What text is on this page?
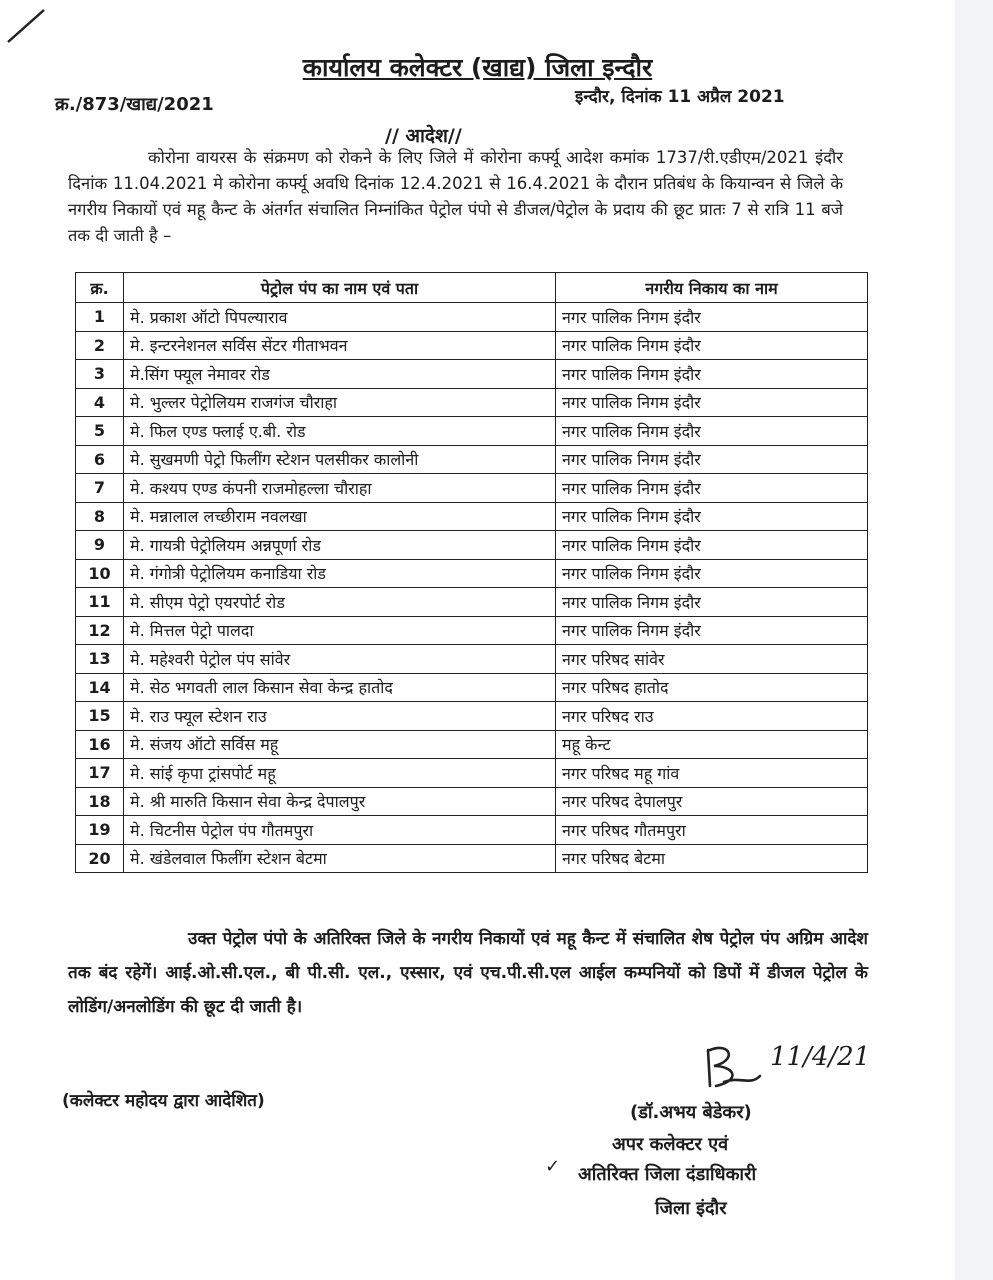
कार्यालय कलेक्टर (खाद्य) जिला इन्दौर
क्र./873/खाद्य/2021	इन्दौर, दिनांक 11 अप्रैल 2021
// आदेश//
कोरोना वायरस के संक्रमण को रोकने के लिए जिले में कोरोना कर्फ्यू आदेश कमांक 1737/री.एडीएम/2021 इंदौर दिनांक 11.04.2021 मे कोरोना कर्फ्यू अवधि दिनांक 12.4.2021 से 16.4.2021 के दौरान प्रतिबंध के कियान्वन से जिले के नगरीय निकायों एवं महू कैन्ट के अंतर्गत संचालित निम्नांकित पेट्रोल पंपो से डीजल/पेट्रोल के प्रदाय की छूट प्रातः 7 से रात्रि 11 बजे तक दी जाती है –
क्र.	पेट्रोल पंप का नाम एवं पता	नगरीय निकाय का नाम
1	मे. प्रकाश ऑटो पिपल्याराव	नगर पालिक निगम इंदौर
2	मे. इन्टरनेशनल सर्विस सेंटर गीताभवन	नगर पालिक निगम इंदौर
3	मे.सिंग फ्यूल नेमावर रोड	नगर पालिक निगम इंदौर
4	मे. भुल्लर पेट्रोलियम राजगंज चौराहा	नगर पालिक निगम इंदौर
5	मे. फिल एण्ड फ्लाई ए.बी. रोड	नगर पालिक निगम इंदौर
6	मे. सुखमणी पेट्रो फिलींग स्टेशन पलसीकर कालोनी	नगर पालिक निगम इंदौर
7	मे. कश्यप एण्ड कंपनी राजमोहल्ला चौराहा	नगर पालिक निगम इंदौर
8	मे. मन्नालाल लच्छीराम नवलखा	नगर पालिक निगम इंदौर
9	मे. गायत्री पेट्रोलियम अन्नपूर्णा रोड	नगर पालिक निगम इंदौर
10	मे. गंगोत्री पेट्रोलियम कनाडिया रोड	नगर पालिक निगम इंदौर
11	मे. सीएम पेट्रो एयरपोर्ट रोड	नगर पालिक निगम इंदौर
12	मे. मित्तल पेट्रो पालदा	नगर पालिक निगम इंदौर
13	मे. महेश्वरी पेट्रोल पंप सांवेर	नगर परिषद सांवेर
14	मे. सेठ भगवती लाल किसान सेवा केन्द्र हातोद	नगर परिषद हातोद
15	मे. राउ फ्यूल स्टेशन राउ	नगर परिषद राउ
16	मे. संजय ऑटो सर्विस महू	महू केन्ट
17	मे. सांई कृपा ट्रांसपोर्ट महू	नगर परिषद महू गांव
18	मे. श्री मारुति किसान सेवा केन्द्र देपालपुर	नगर परिषद देपालपुर
19	मे. चिटनीस पेट्रोल पंप गौतमपुरा	नगर परिषद गौतमपुरा
20	मे. खंडेलवाल फिलींग स्टेशन बेटमा	नगर परिषद बेटमा
उक्त पेट्रोल पंपो के अतिरिक्त जिले के नगरीय निकायों एवं महू कैन्ट में संचालित शेष पेट्रोल पंप अग्रिम आदेश तक बंद रहेगें। आई.ओ.सी.एल., बी पी.सी. एल., एस्सार, एवं एच.पी.सी.एल आईल कम्पनियों को डिपों में डीजल पेट्रोल के लोडिंग/अनलोडिंग की छूट दी जाती है।
(कलेक्टर महोदय द्वारा आदेशित)
11/4/21
(डॉ.अभय बेडेकर)
अपर कलेक्टर एवं
✓ अतिरिक्त जिला दंडाधिकारी
जिला इंदौर
